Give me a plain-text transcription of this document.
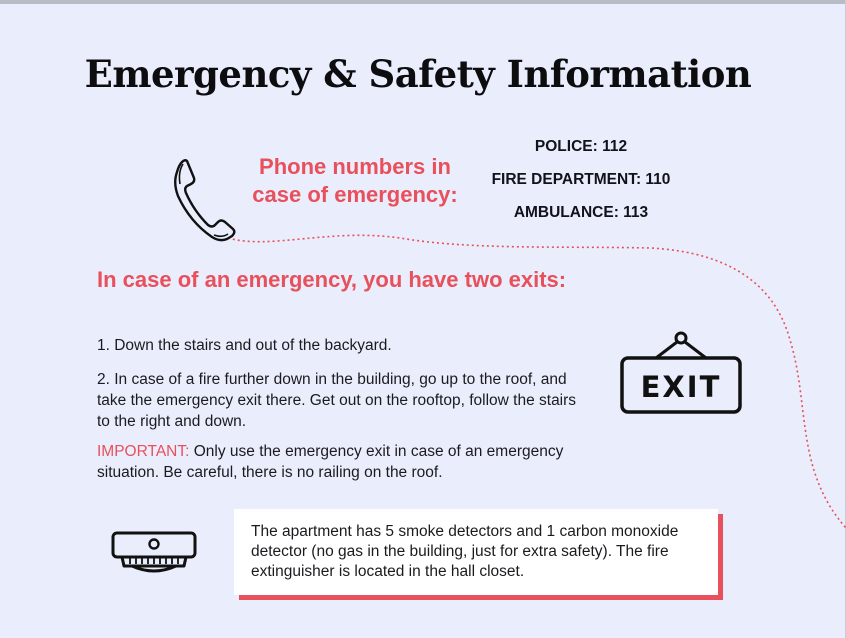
Emergency & Safety Information
Phone numbers in
case of emergency:
POLICE: 112
FIRE DEPARTMENT: 110
AMBULANCE: 113
In case of an emergency, you have two exits:
1. Down the stairs and out of the backyard.
2. In case of a fire further down in the building, go up to the roof, and take the emergency exit there. Get out on the rooftop, follow the stairs to the right and down.
IMPORTANT: Only use the emergency exit in case of an emergency situation. Be careful, there is no railing on the roof.
EXIT
The apartment has 5 smoke detectors and 1 carbon monoxide detector (no gas in the building, just for extra safety). The fire extinguisher is located in the hall closet.
